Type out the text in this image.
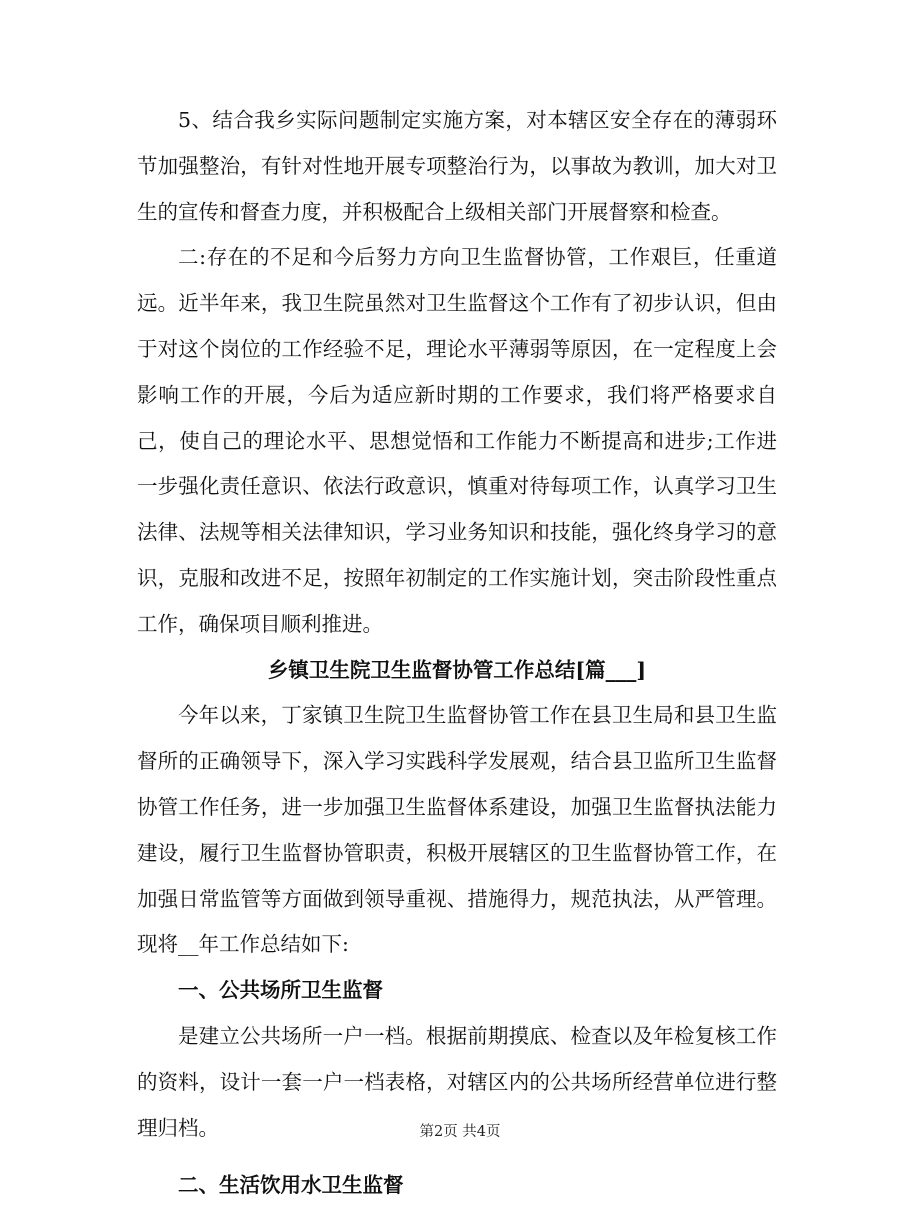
5、结合我乡实际问题制定实施方案，对本辖区安全存在的薄弱环节加强整治，有针对性地开展专项整治行为，以事故为教训，加大对卫生的宣传和督查力度，并积极配合上级相关部门开展督察和检查。

二:存在的不足和今后努力方向卫生监督协管，工作艰巨，任重道远。近半年来，我卫生院虽然对卫生监督这个工作有了初步认识，但由于对这个岗位的工作经验不足，理论水平薄弱等原因，在一定程度上会影响工作的开展，今后为适应新时期的工作要求，我们将严格要求自己，使自己的理论水平、思想觉悟和工作能力不断提高和进步;工作进一步强化责任意识、依法行政意识，慎重对待每项工作，认真学习卫生法律、法规等相关法律知识，学习业务知识和技能，强化终身学习的意识，克服和改进不足，按照年初制定的工作实施计划，突击阶段性重点工作，确保项目顺利推进。

乡镇卫生院卫生监督协管工作总结[篇___]

今年以来，丁家镇卫生院卫生监督协管工作在县卫生局和县卫生监督所的正确领导下，深入学习实践科学发展观，结合县卫监所卫生监督协管工作任务，进一步加强卫生监督体系建设，加强卫生监督执法能力建设，履行卫生监督协管职责，积极开展辖区的卫生监督协管工作，在加强日常监管等方面做到领导重视、措施得力，规范执法，从严管理。现将__年工作总结如下:

一、公共场所卫生监督

是建立公共场所一户一档。根据前期摸底、检查以及年检复核工作的资料，设计一套一户一档表格，对辖区内的公共场所经营单位进行整理归档。

二、生活饮用水卫生监督

第2页 共4页
